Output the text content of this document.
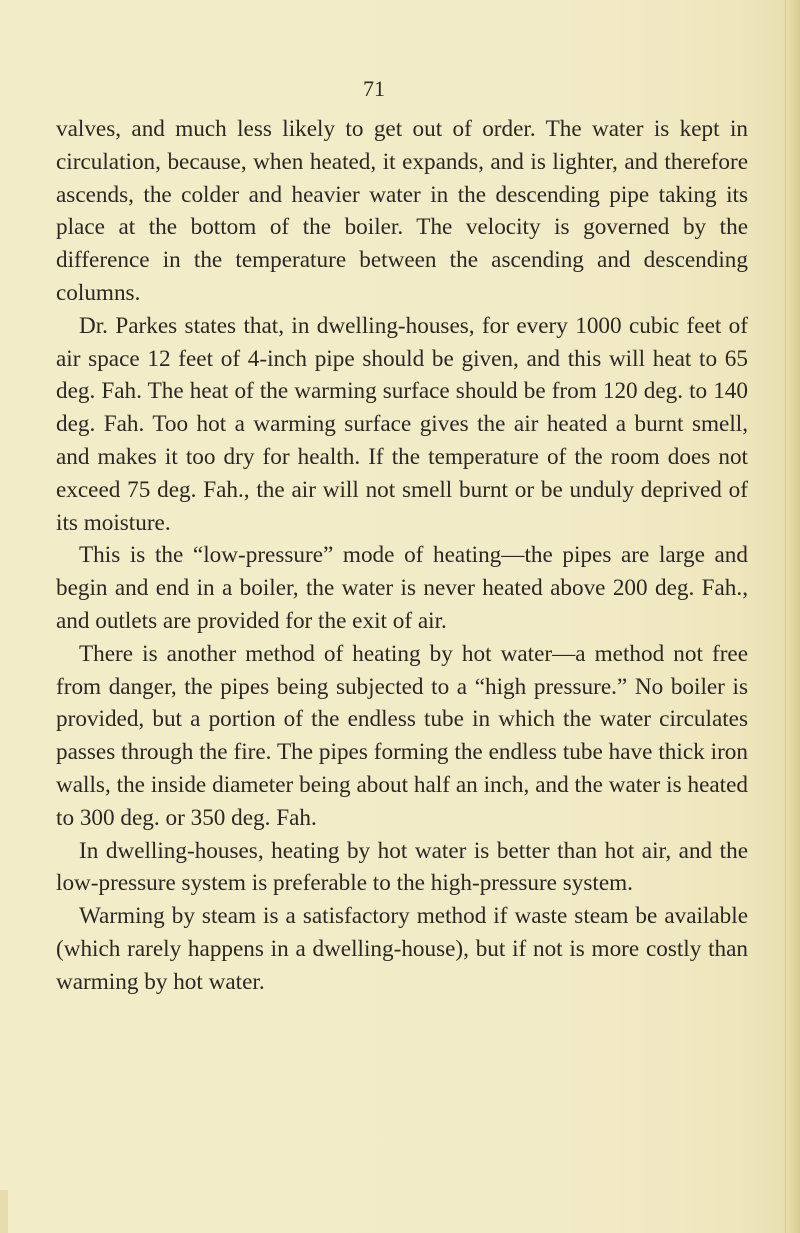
71

valves, and much less likely to get out of order. The water is kept in circulation, because, when heated, it expands, and is lighter, and therefore ascends, the colder and heavier water in the descending pipe taking its place at the bottom of the boiler. The velocity is governed by the difference in the temperature between the ascending and descending columns.

Dr. Parkes states that, in dwelling-houses, for every 1000 cubic feet of air space 12 feet of 4-inch pipe should be given, and this will heat to 65 deg. Fah. The heat of the warming surface should be from 120 deg. to 140 deg. Fah. Too hot a warming surface gives the air heated a burnt smell, and makes it too dry for health. If the temperature of the room does not exceed 75 deg. Fah., the air will not smell burnt or be unduly deprived of its moisture.

This is the “low-pressure” mode of heating—the pipes are large and begin and end in a boiler, the water is never heated above 200 deg. Fah., and outlets are provided for the exit of air.

There is another method of heating by hot water—a method not free from danger, the pipes being subjected to a “high pressure.” No boiler is provided, but a portion of the endless tube in which the water circulates passes through the fire. The pipes forming the endless tube have thick iron walls, the inside diameter being about half an inch, and the water is heated to 300 deg. or 350 deg. Fah.

In dwelling-houses, heating by hot water is better than hot air, and the low-pressure system is preferable to the high-pressure system.

Warming by steam is a satisfactory method if waste steam be available (which rarely happens in a dwelling-house), but if not is more costly than warming by hot water.
